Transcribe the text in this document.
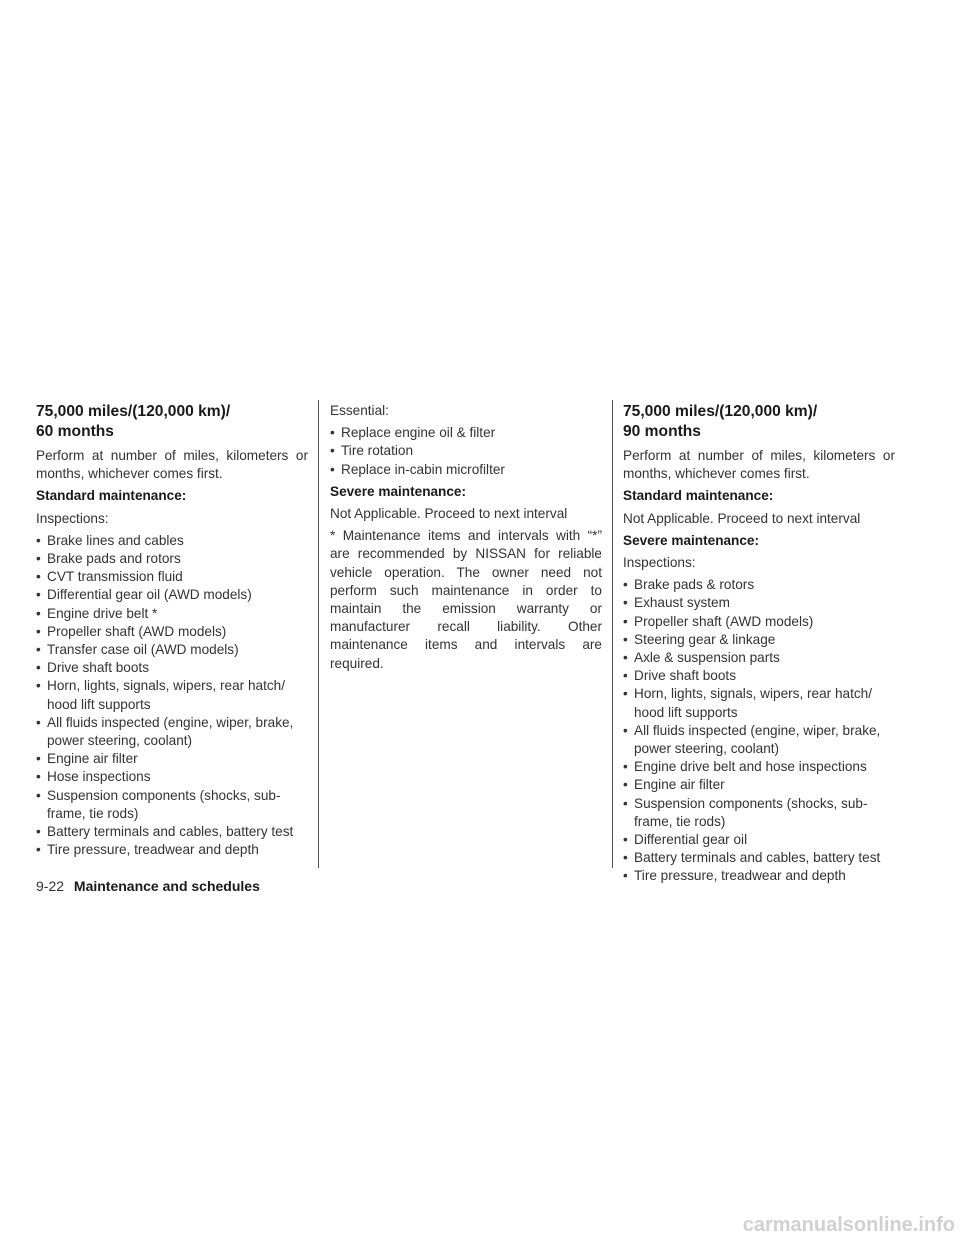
75,000 miles/(120,000 km)/
60 months

Perform at number of miles, kilometers or months, whichever comes first.

Standard maintenance:

Inspections:

• Brake lines and cables
• Brake pads and rotors
• CVT transmission fluid
• Differential gear oil (AWD models)
• Engine drive belt *
• Propeller shaft (AWD models)
• Transfer case oil (AWD models)
• Drive shaft boots
• Horn, lights, signals, wipers, rear hatch/ hood lift supports
• All fluids inspected (engine, wiper, brake, power steering, coolant)
• Engine air filter
• Hose inspections
• Suspension components (shocks, sub-frame, tie rods)
• Battery terminals and cables, battery test
• Tire pressure, treadwear and depth

Essential:

• Replace engine oil & filter
• Tire rotation
• Replace in-cabin microfilter

Severe maintenance:

Not Applicable. Proceed to next interval

* Maintenance items and intervals with “*” are recommended by NISSAN for reliable vehicle operation. The owner need not perform such maintenance in order to maintain the emission warranty or manufacturer recall liability. Other maintenance items and intervals are required.

75,000 miles/(120,000 km)/
90 months

Perform at number of miles, kilometers or months, whichever comes first.

Standard maintenance:

Not Applicable. Proceed to next interval

Severe maintenance:

Inspections:

• Brake pads & rotors
• Exhaust system
• Propeller shaft (AWD models)
• Steering gear & linkage
• Axle & suspension parts
• Drive shaft boots
• Horn, lights, signals, wipers, rear hatch/ hood lift supports
• All fluids inspected (engine, wiper, brake, power steering, coolant)
• Engine drive belt and hose inspections
• Engine air filter
• Suspension components (shocks, sub-frame, tie rods)
• Differential gear oil
• Battery terminals and cables, battery test
• Tire pressure, treadwear and depth
9-22 Maintenance and schedules
carmanualsonline.info
